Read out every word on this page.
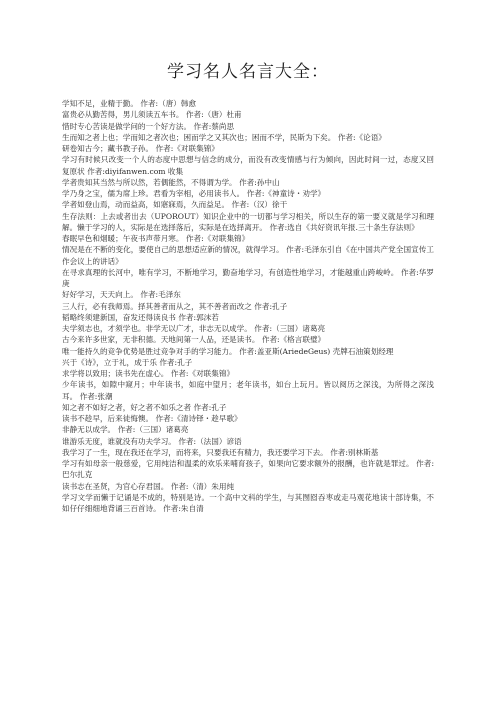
学习名人名言大全：
学知不足，业精于勤。 作者:（唐）韩愈
富贵必从勤苦得，男儿须读五车书。 作者:（唐）杜甫
惜时专心苦读是做学问的一个好方法。 作者:蔡尚思
生而知之者上也；学而知之者次也；困而学之又其次也；困而不学，民斯为下矣。 作者:《论语》
研卷知古今；藏书教子孙。 作者:《对联集锦》
学习有时候只改变一个人的态度中思想与信念的成分，而没有改变情感与行为倾向，因此时间一过，态度又回复原状 作者:diyifanwen.com 收集
学者贵知其当然与所以然，若偶能然，不得谓为学。 作者:孙中山
学乃身之宝，儒为席上珍。君看为宰相，必用读书人。 作者:《神童诗・劝学》
学者如登山焉，动而益高，如寤寐焉，久而益足。 作者:（汉）徐干
生存法则：上去或者出去（UPOROUT）知识企业中的一切都与学习相关，所以生存的第一要义就是学习和理解。懒于学习的人，实际是在选择落后，实际是在选择离开。 作者:选自《共好资讯年报.三十条生存法则》
春眠早色和烟暖；午夜书声带月寒。 作者:《对联集锦》
情况是在不断的变化，要使自己的思想适应新的情况，就得学习。 作者:毛泽东引自《在中国共产党全国宣传工作会议上的讲话》
在寻求真理的长河中，唯有学习，不断地学习，勤奋地学习，有创造性地学习，才能越重山跨峻岭。 作者:华罗庚
好好学习，天天向上。 作者:毛泽东
三人行，必有我师焉。择其善者而从之，其不善者而改之 作者:孔子
韬略终须建新国，奋发还得读良书 作者:郭沫若
夫学须志也，才须学也。非学无以广才，非志无以成学。 作者:（三国）诸葛亮
古今来许多世家，无非积德。天地间第一人品，还是读书。 作者:《格言联璧》
唯一能持久的竞争优势是胜过竞争对手的学习能力。 作者:盖亚斯(AriedeGeus) 壳牌石油策划经理
兴于《诗》，立于礼，成于乐 作者:孔子
求学将以致用；读书先在虚心。 作者:《对联集锦》
少年读书，如隙中窥月；中年读书，如庭中望月；老年读书，如台上玩月。皆以阅历之深浅，为所得之深浅耳。 作者:张潮
知之者不如好之者，好之者不如乐之者 作者:孔子
读书不趁早，后来徒悔懊。 作者:《清诗铎・趁早歌》
非静无以成学。 作者:（三国）诸葛亮
谁游乐无度，谁就没有功夫学习。 作者:（法国）谚语
我学习了一生，现在我还在学习，而将来，只要我还有精力，我还要学习下去。 作者:别林斯基
学习有如母亲一般慈爱，它用纯洁和温柔的欢乐来哺育孩子，如果向它要求额外的报酬，也许就是罪过。 作者:巴尔扎克
读书志在圣贤，为官心存君国。 作者:（清）朱用纯
学习文学而懒于记诵是不成的，特别是诗。一个高中文科的学生，与其囫囵吞枣或走马观花地读十部诗集，不如仔仔细细地背诵三百首诗。 作者:朱自清
